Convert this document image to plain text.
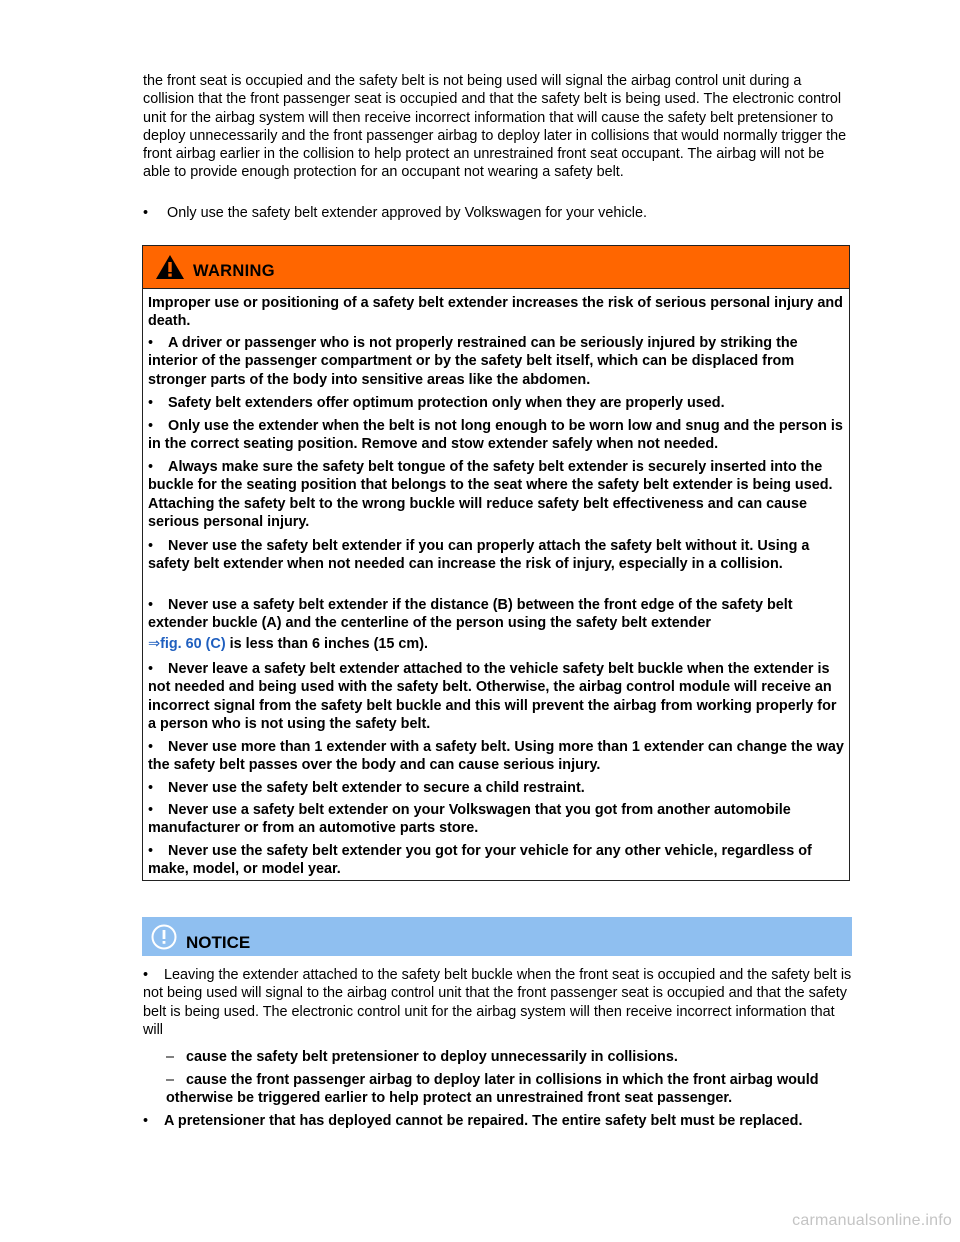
the front seat is occupied and the safety belt is not being used will signal the airbag control unit during a collision that the front passenger seat is occupied and that the safety belt is being used. The electronic control unit for the airbag system will then receive incorrect information that will cause the safety belt pretensioner to deploy unnecessarily and the front passenger airbag to deploy later in collisions that would normally trigger the front airbag earlier in the collision to help protect an unrestrained front seat occupant. The airbag will not be able to provide enough protection for an occupant not wearing a safety belt.

•	Only use the safety belt extender approved by Volkswagen for your vehicle.
WARNING
Improper use or positioning of a safety belt extender increases the risk of serious personal injury and death.
• A driver or passenger who is not properly restrained can be seriously injured by striking the interior of the passenger compartment or by the safety belt itself, which can be displaced from stronger parts of the body into sensitive areas like the abdomen.
• Safety belt extenders offer optimum protection only when they are properly used.
• Only use the extender when the belt is not long enough to be worn low and snug and the person is in the correct seating position. Remove and stow extender safely when not needed.
• Always make sure the safety belt tongue of the safety belt extender is securely inserted into the buckle for the seating position that belongs to the seat where the safety belt extender is being used. Attaching the safety belt to the wrong buckle will reduce safety belt effectiveness and can cause serious personal injury.
• Never use the safety belt extender if you can properly attach the safety belt without it. Using a safety belt extender when not needed can increase the risk of injury, especially in a collision.
• Never use a safety belt extender if the distance (B) between the front edge of the safety belt extender buckle (A) and the centerline of the person using the safety belt extender
⇒fig. 60 (C) is less than 6 inches (15 cm).
• Never leave a safety belt extender attached to the vehicle safety belt buckle when the extender is not needed and being used with the safety belt. Otherwise, the airbag control module will receive an incorrect signal from the safety belt buckle and this will prevent the airbag from working properly for a person who is not using the safety belt.
• Never use more than 1 extender with a safety belt. Using more than 1 extender can change the way the safety belt passes over the body and can cause serious injury.
• Never use the safety belt extender to secure a child restraint.
• Never use a safety belt extender on your Volkswagen that you got from another automobile manufacturer or from an automotive parts store.
• Never use the safety belt extender you got for your vehicle for any other vehicle, regardless of make, model, or model year.
NOTICE
• Leaving the extender attached to the safety belt buckle when the front seat is occupied and the safety belt is not being used will signal to the airbag control unit that the front passenger seat is occupied and that the safety belt is being used. The electronic control unit for the airbag system will then receive incorrect information that will
– cause the safety belt pretensioner to deploy unnecessarily in collisions.
– cause the front passenger airbag to deploy later in collisions in which the front airbag would otherwise be triggered earlier to help protect an unrestrained front seat passenger.
• A pretensioner that has deployed cannot be repaired. The entire safety belt must be replaced.
carmanualsonline.info
